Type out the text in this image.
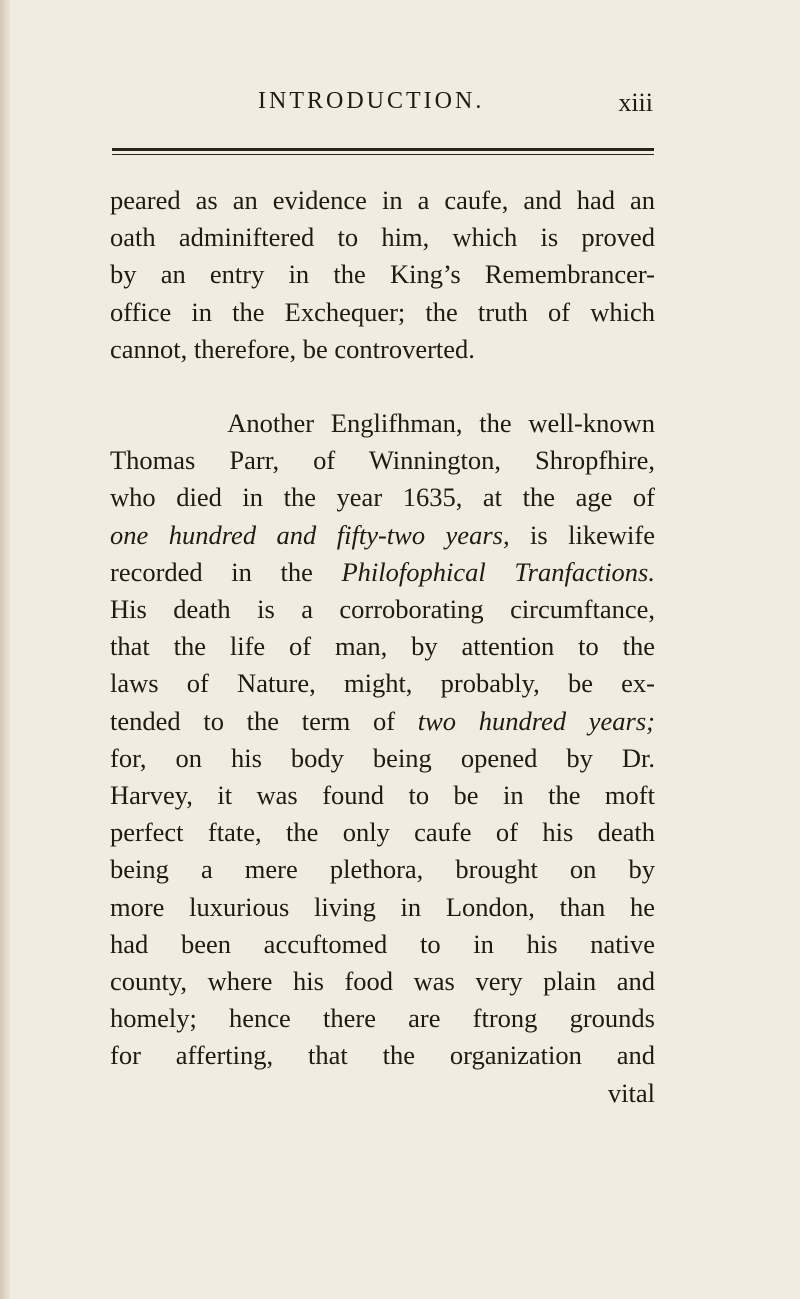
INTRODUCTION.	xiii

peared as an evidence in a caufe, and had an
oath adminiftered to him, which is proved
by an entry in the King’s Remembrancer-
office in the Exchequer; the truth of which
cannot, therefore, be controverted.

Another Englifhman, the well-known
Thomas Parr, of Winnington, Shropfhire,
who died in the year 1635, at the age of
one hundred and fifty-two years, is likewife
recorded in the Philofophical Tranfactions.
His death is a corroborating circumftance,
that the life of man, by attention to the
laws of Nature, might, probably, be ex-
tended to the term of two hundred years;
for, on his body being opened by Dr.
Harvey, it was found to be in the moft
perfect ftate, the only caufe of his death
being a mere plethora, brought on by
more luxurious living in London, than he
had been accuftomed to in his native
county, where his food was very plain and
homely; hence there are ftrong grounds
for afferting, that the organization and
vital
